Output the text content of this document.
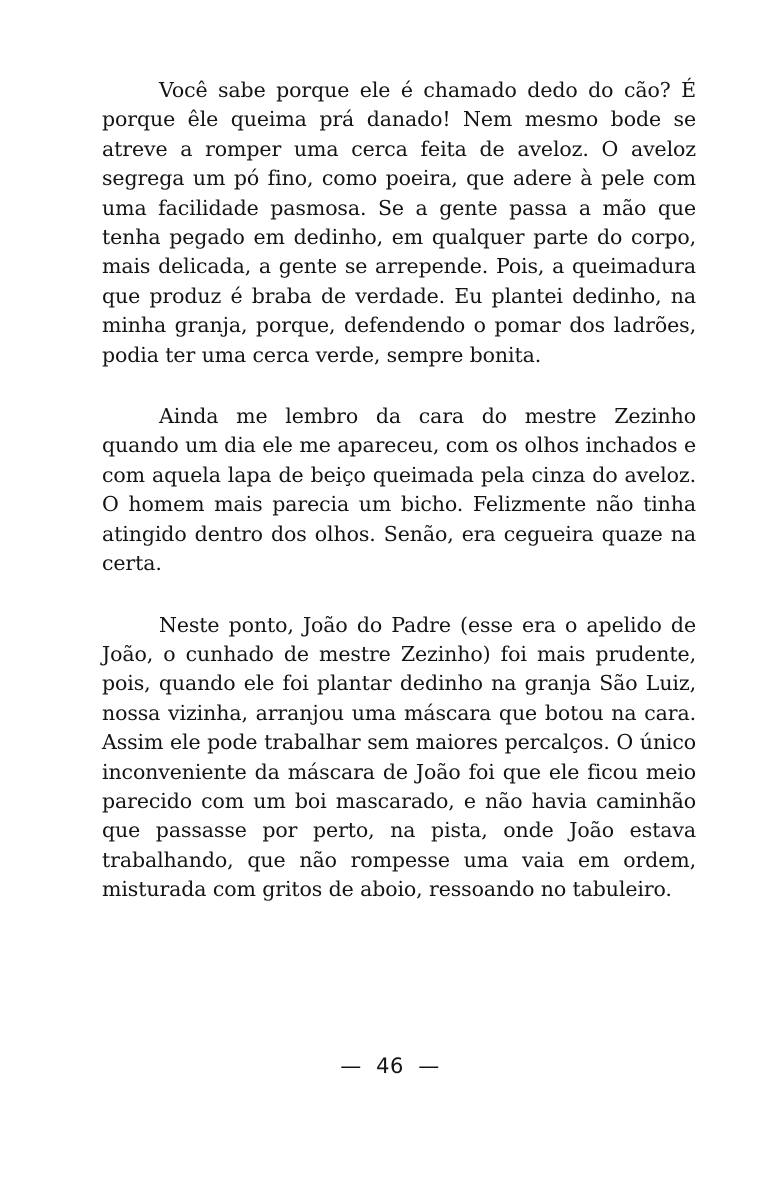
Você sabe porque ele é chamado dedo do cão? É porque êle queima prá danado! Nem mesmo bode se atreve a romper uma cerca feita de aveloz. O aveloz segrega um pó fino, como poeira, que adere à pele com uma facilidade pasmosa. Se a gente passa a mão que tenha pegado em dedinho, em qualquer parte do corpo, mais delicada, a gente se arrepende. Pois, a queimadura que produz é braba de verdade. Eu plantei dedinho, na minha granja, porque, defendendo o pomar dos ladrões, podia ter uma cerca verde, sempre bonita.

Ainda me lembro da cara do mestre Zezinho quando um dia ele me apareceu, com os olhos inchados e com aquela lapa de beiço queimada pela cinza do aveloz. O homem mais parecia um bicho. Felizmente não tinha atingido dentro dos olhos. Senão, era cegueira quaze na certa.

Neste ponto, João do Padre (esse era o apelido de João, o cunhado de mestre Zezinho) foi mais prudente, pois, quando ele foi plantar dedinho na granja São Luiz, nossa vizinha, arranjou uma máscara que botou na cara. Assim ele pode trabalhar sem maiores percalços. O único inconveniente da máscara de João foi que ele ficou meio parecido com um boi mascarado, e não havia caminhão que passasse por perto, na pista, onde João estava trabalhando, que não rompesse uma vaia em ordem, misturada com gritos de aboio, ressoando no tabuleiro.

—  46  —
